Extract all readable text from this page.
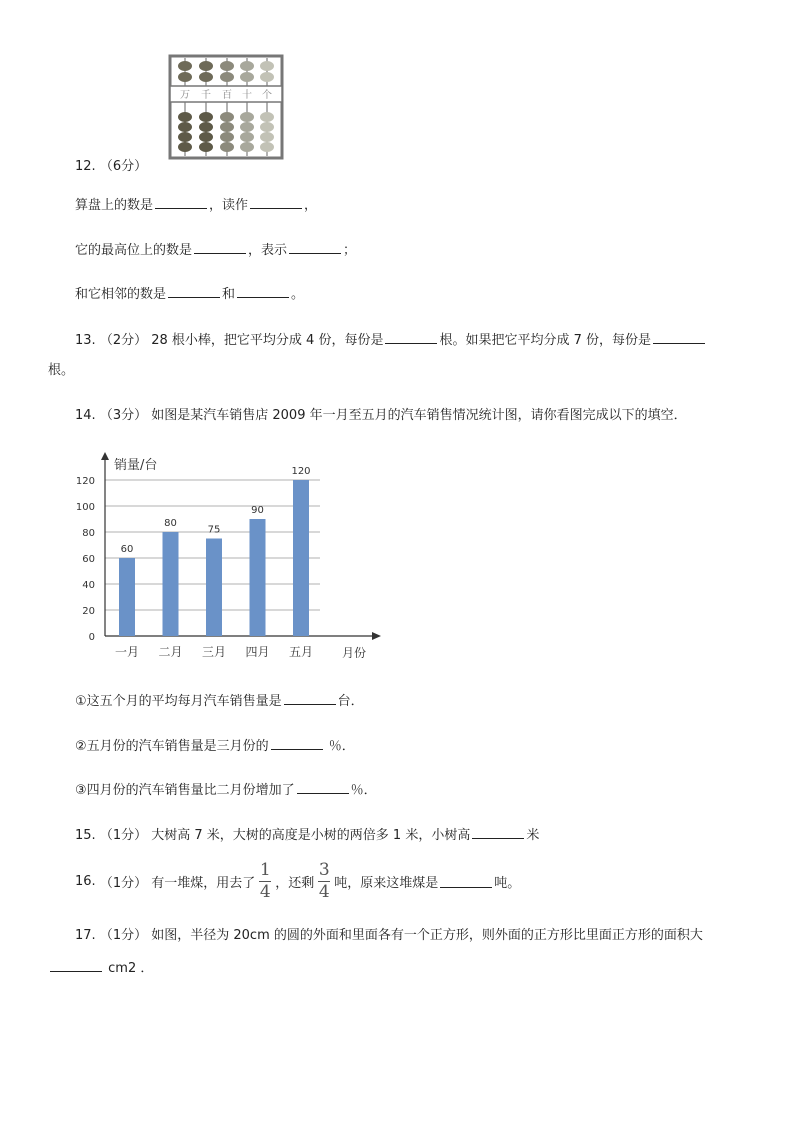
万 千 百 十 个
12. （6分）
算盘上的数是	，读作	，
它的最高位上的数是	，表示	；
和它相邻的数是	和	。
13. （2分） 28 根小棒，把它平均分成 4 份，每份是	根。如果把它平均分成 7 份，每份是
根。
14. （3分） 如图是某汽车销售店 2009 年一月至五月的汽车销售情况统计图，请你看图完成以下的填空．
销量/台
月份
0
20
40
60
80
100
120
60
80
75
90
120
一月 二月 三月 四月 五月
①这五个月的平均每月汽车销售量是	台．
②五月份的汽车销售量是三月份的	％．
③四月份的汽车销售量比二月份增加了	％．
15. （1分） 大树高 7 米，大树的高度是小树的两倍多 1 米，小树高	米
16.
（1分）
有一堆煤，用去了 $\frac{1}{4}$ ，还剩 $\frac{3}{4}$ 吨，原来这堆煤是	吨。
17. （1分） 如图，半径为 20cm 的圆的外面和里面各有一个正方形，则外面的正方形比里面正方形的面积大
cm2 ．
